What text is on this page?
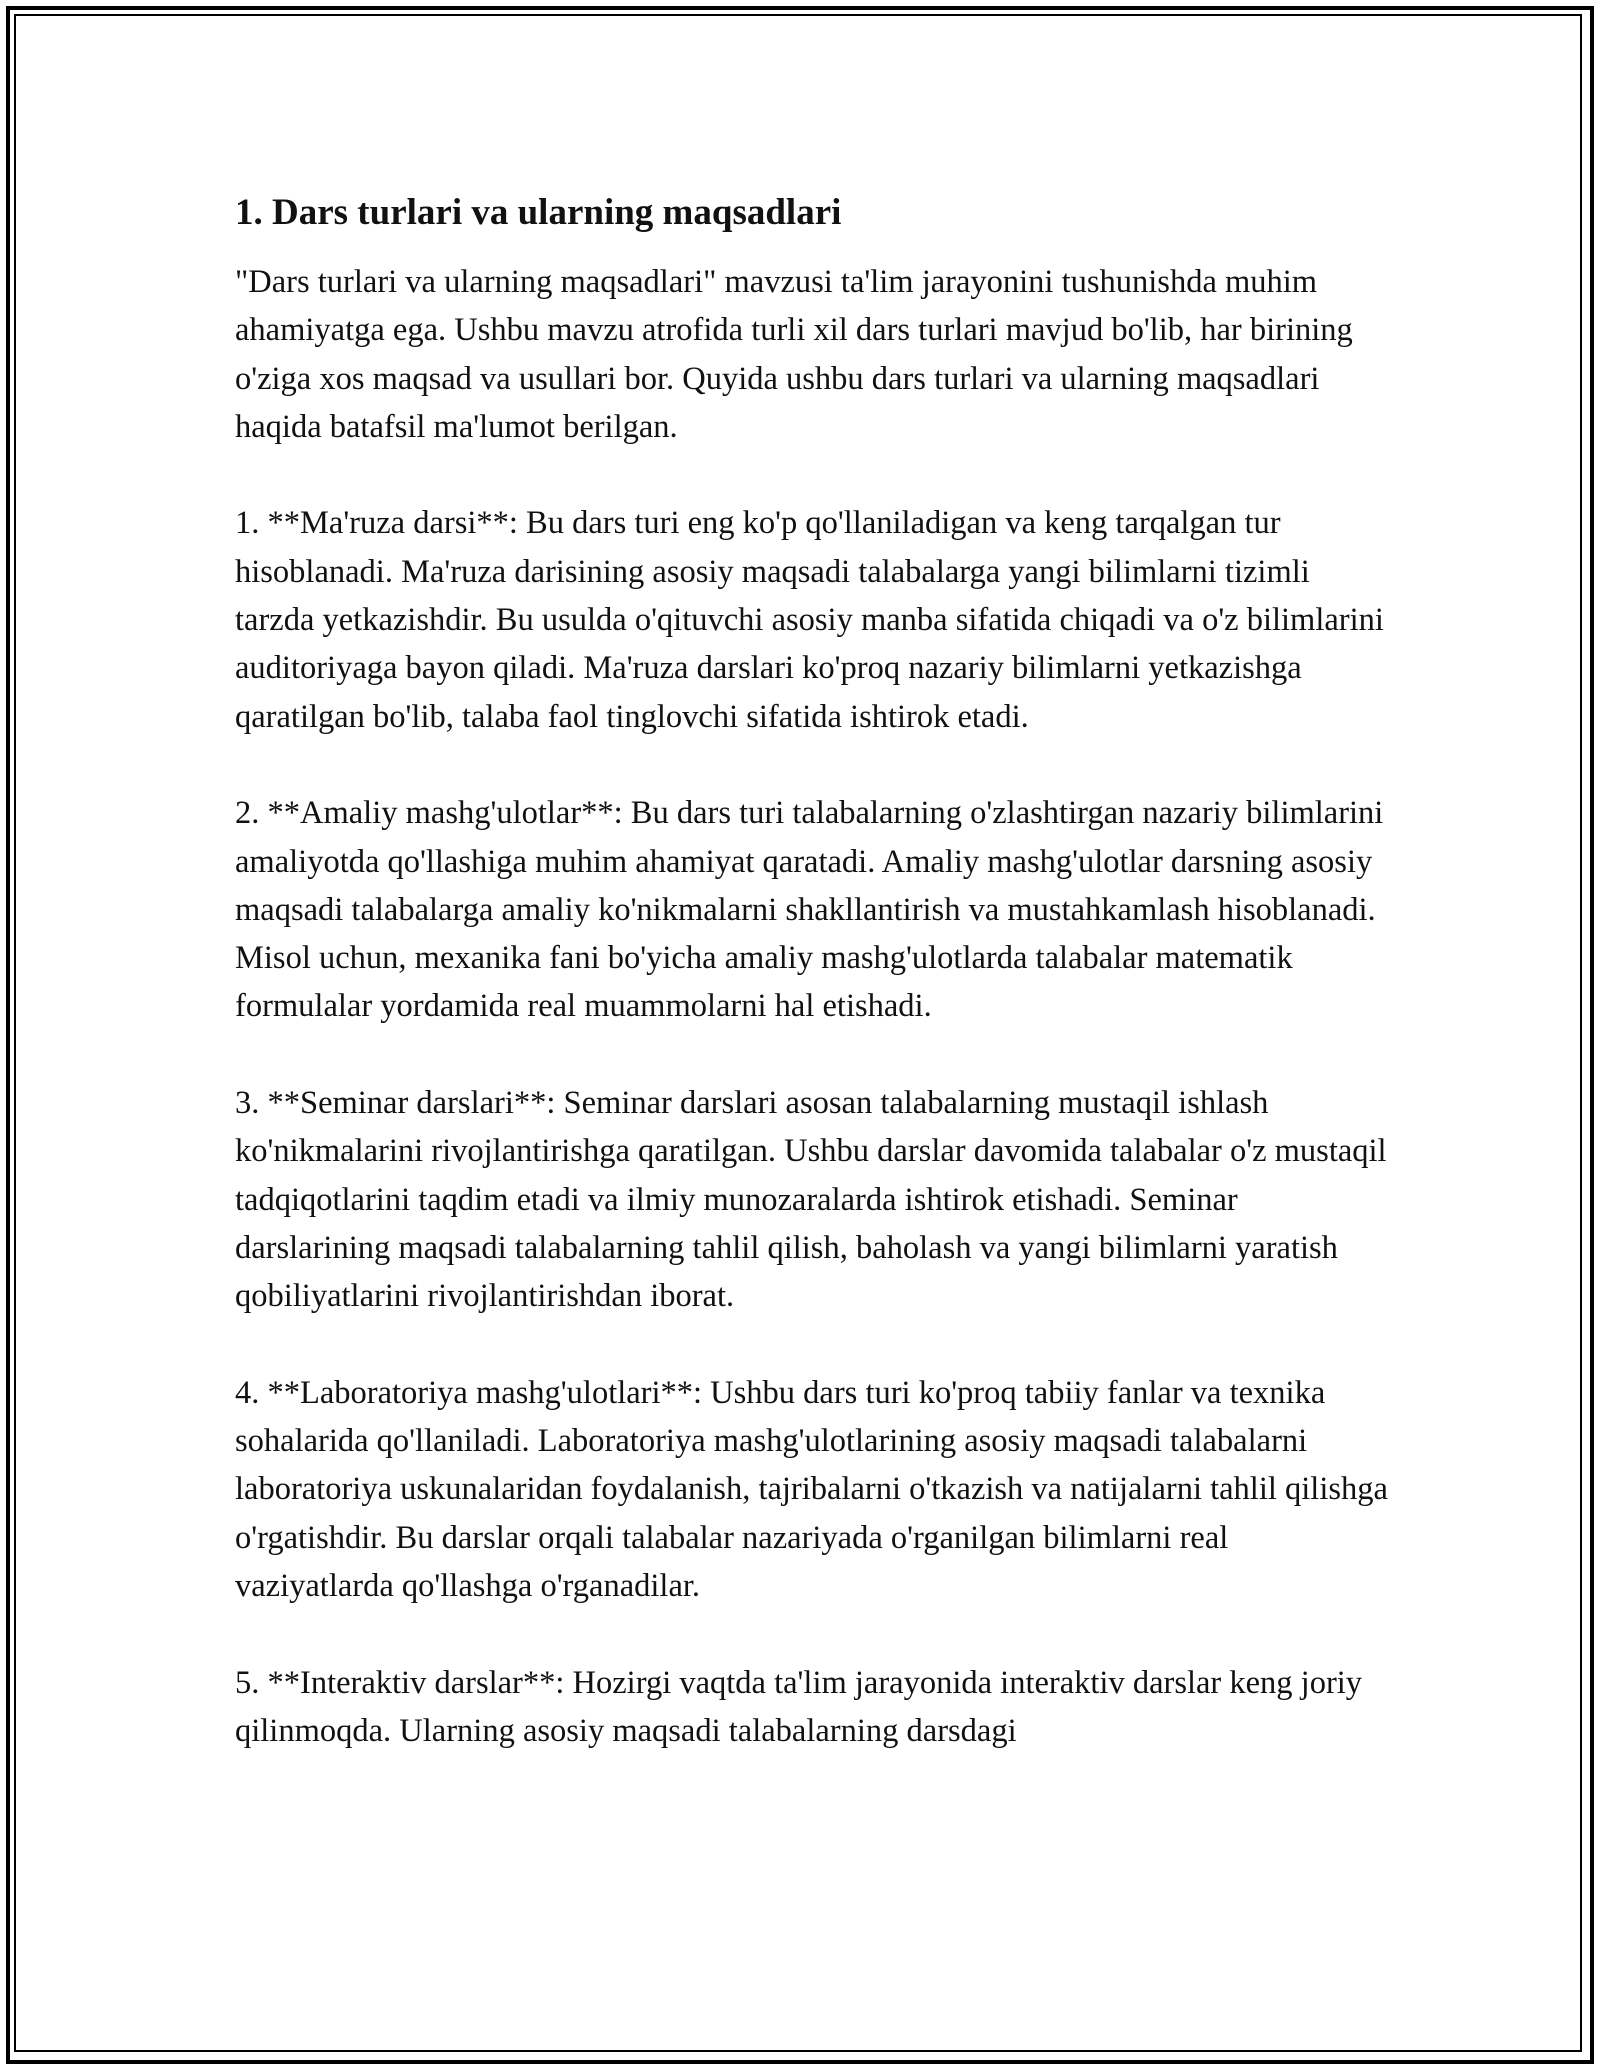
1. Dars turlari va ularning maqsadlari

"Dars turlari va ularning maqsadlari" mavzusi ta'lim jarayonini tushunishda muhim ahamiyatga ega. Ushbu mavzu atrofida turli xil dars turlari mavjud bo'lib, har birining o'ziga xos maqsad va usullari bor. Quyida ushbu dars turlari va ularning maqsadlari haqida batafsil ma'lumot berilgan.

1. **Ma'ruza darsi**: Bu dars turi eng ko'p qo'llaniladigan va keng tarqalgan tur hisoblanadi. Ma'ruza darisining asosiy maqsadi talabalarga yangi bilimlarni tizimli tarzda yetkazishdir. Bu usulda o'qituvchi asosiy manba sifatida chiqadi va o'z bilimlarini auditoriyaga bayon qiladi. Ma'ruza darslari ko'proq nazariy bilimlarni yetkazishga qaratilgan bo'lib, talaba faol tinglovchi sifatida ishtirok etadi.

2. **Amaliy mashg'ulotlar**: Bu dars turi talabalarning o'zlashtirgan nazariy bilimlarini amaliyotda qo'llashiga muhim ahamiyat qaratadi. Amaliy mashg'ulotlar darsning asosiy maqsadi talabalarga amaliy ko'nikmalarni shakllantirish va mustahkamlash hisoblanadi. Misol uchun, mexanika fani bo'yicha amaliy mashg'ulotlarda talabalar matematik formulalar yordamida real muammolarni hal etishadi.

3. **Seminar darslari**: Seminar darslari asosan talabalarning mustaqil ishlash ko'nikmalarini rivojlantirishga qaratilgan. Ushbu darslar davomida talabalar o'z mustaqil tadqiqotlarini taqdim etadi va ilmiy munozaralarda ishtirok etishadi. Seminar darslarining maqsadi talabalarning tahlil qilish, baholash va yangi bilimlarni yaratish qobiliyatlarini rivojlantirishdan iborat.

4. **Laboratoriya mashg'ulotlari**: Ushbu dars turi ko'proq tabiiy fanlar va texnika sohalarida qo'llaniladi. Laboratoriya mashg'ulotlarining asosiy maqsadi talabalarni laboratoriya uskunalaridan foydalanish, tajribalarni o'tkazish va natijalarni tahlil qilishga o'rgatishdir. Bu darslar orqali talabalar nazariyada o'rganilgan bilimlarni real vaziyatlarda qo'llashga o'rganadilar.

5. **Interaktiv darslar**: Hozirgi vaqtda ta'lim jarayonida interaktiv darslar keng joriy qilinmoqda. Ularning asosiy maqsadi talabalarning darsdagi
